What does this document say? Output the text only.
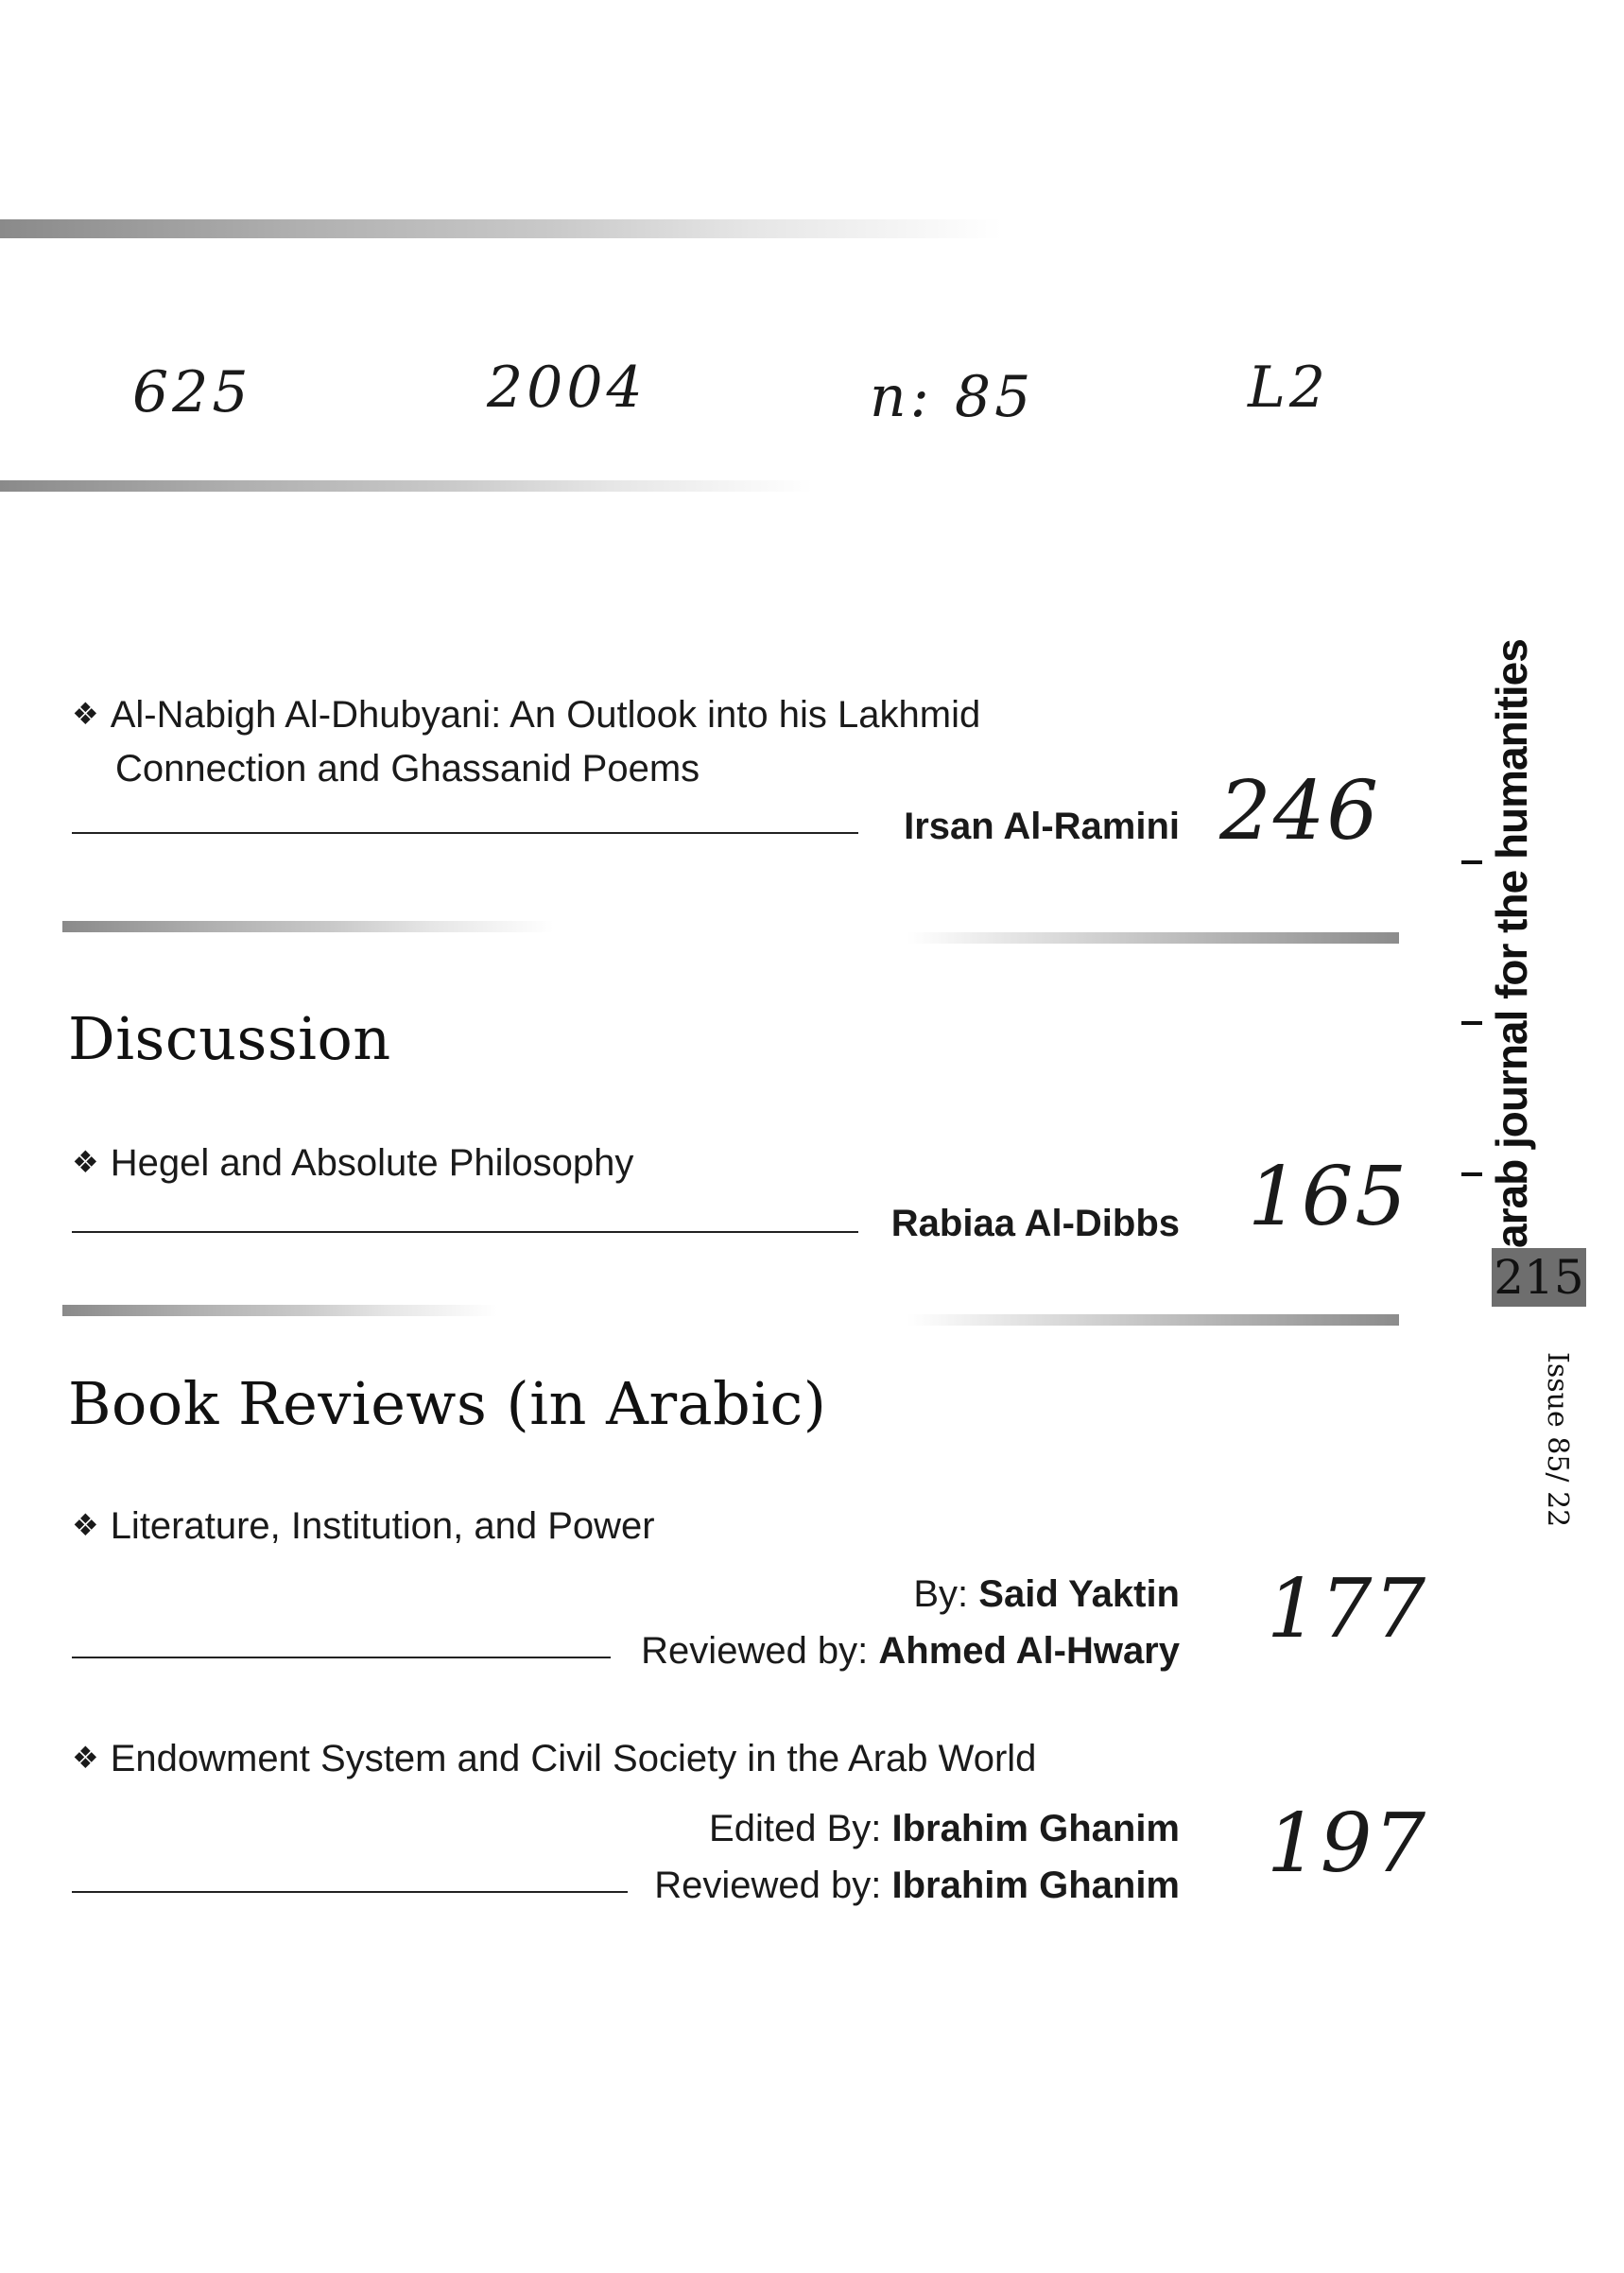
625	2004	n: 85	L2
❖ Al-Nabigh Al-Dhubyani: An Outlook into his Lakhmid
Connection and Ghassanid Poems
Irsan Al-Ramini 246
Discussion
❖ Hegel and Absolute Philosophy
Rabiaa Al-Dibbs 165
Book Reviews (in Arabic)
❖ Literature, Institution, and Power
By: Said Yaktin
Reviewed by: Ahmed Al-Hwary 177
❖ Endowment System and Civil Society in the Arab World
Edited By: Ibrahim Ghanim
Reviewed by: Ibrahim Ghanim 197
arab journal for the humanities
215
Issue 85/ 22
